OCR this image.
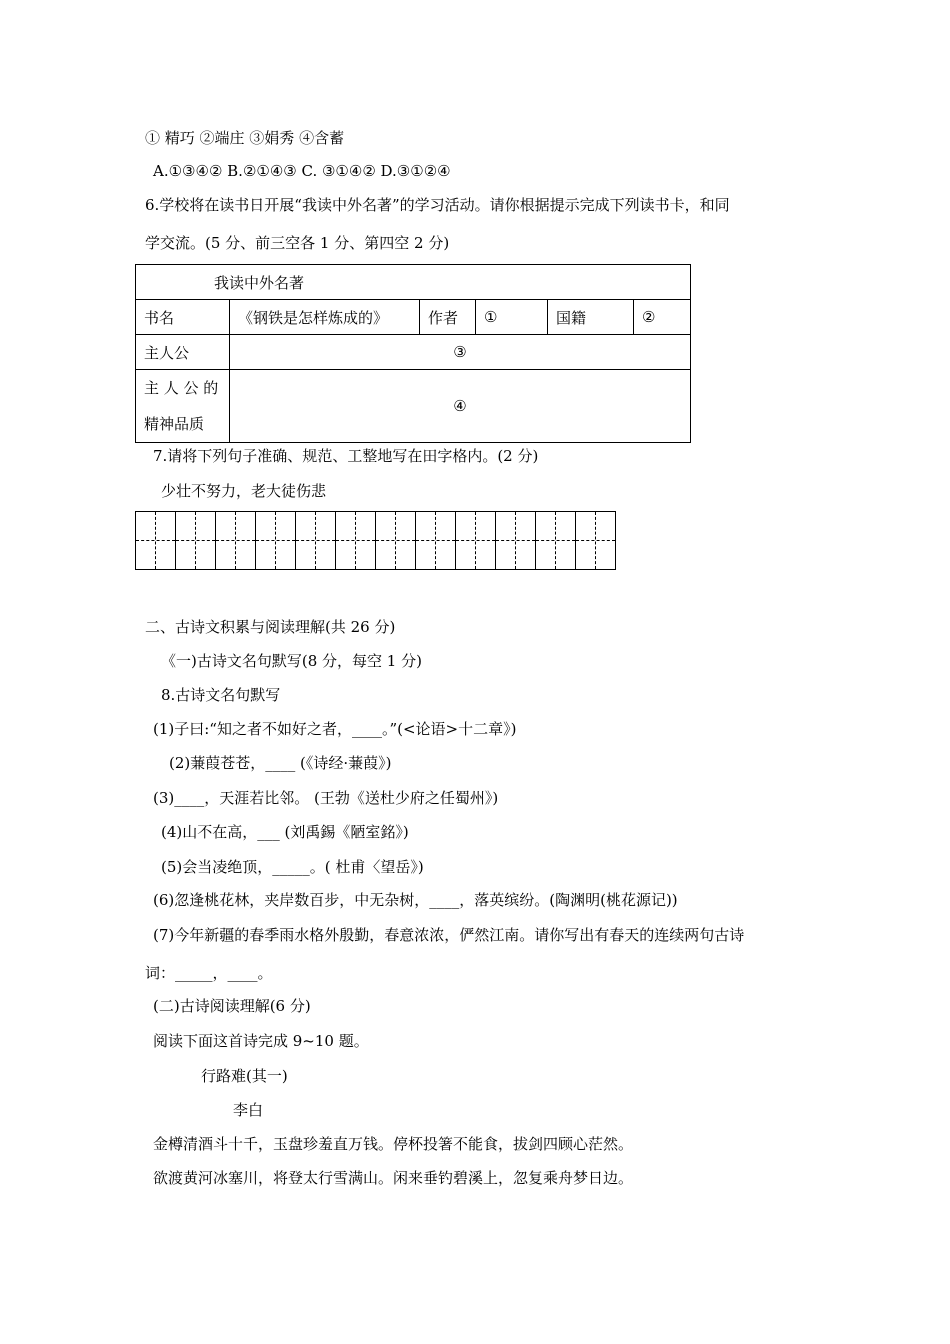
① 精巧 ②端庄 ③娟秀 ④含蓄
A.①③④② B.②①④③ C. ③①④② D.③①②④
6.学校将在读书日开展“我读中外名著”的学习活动。请你根据提示完成下列读书卡，和同
学交流。(5 分、前三空各 1 分、第四空 2 分)
我读中外名著					
书名	《钢铁是怎样炼成的》	作者	①	国籍	②
主人公	③				

主 人 公 的
精神品质	④				
7.请将下列句子准确、规范、工整地写在田字格内。(2 分)
少壮不努力，老大徒伤悲
二、古诗文积累与阅读理解(共 26 分)
《一)古诗文名句默写(8 分，每空 1 分)
8.古诗文名句默写
(1)子曰:“知之者不如好之者，____。”(<论语>十二章》)
(2)蒹葭苍苍，____ (《诗经·蒹葭》)
(3)____，天涯若比邻。 (王勃《送杜少府之任蜀州》)
(4)山不在高，___ (刘禹錫《陋室銘》)
(5)会当凌绝顶，_____。( 杜甫〈望岳》)
(6)忽逢桃花林，夹岸数百步，中无杂树，____，落英缤纷。(陶渊明(桃花源记))
(7)今年新疆的春季雨水格外殷勤，春意浓浓，俨然江南。请你写出有春天的连续两句古诗
词：_____，____。
(二)古诗阅读理解(6 分)
阅读下面这首诗完成 9~10 题。
行路难(其一)
李白
金樽清酒斗十千，玉盘珍羞直万钱。停杯投箸不能食，拔剑四顾心茫然。
欲渡黄河冰塞川，将登太行雪满山。闲来垂钓碧溪上，忽复乘舟梦日边。
